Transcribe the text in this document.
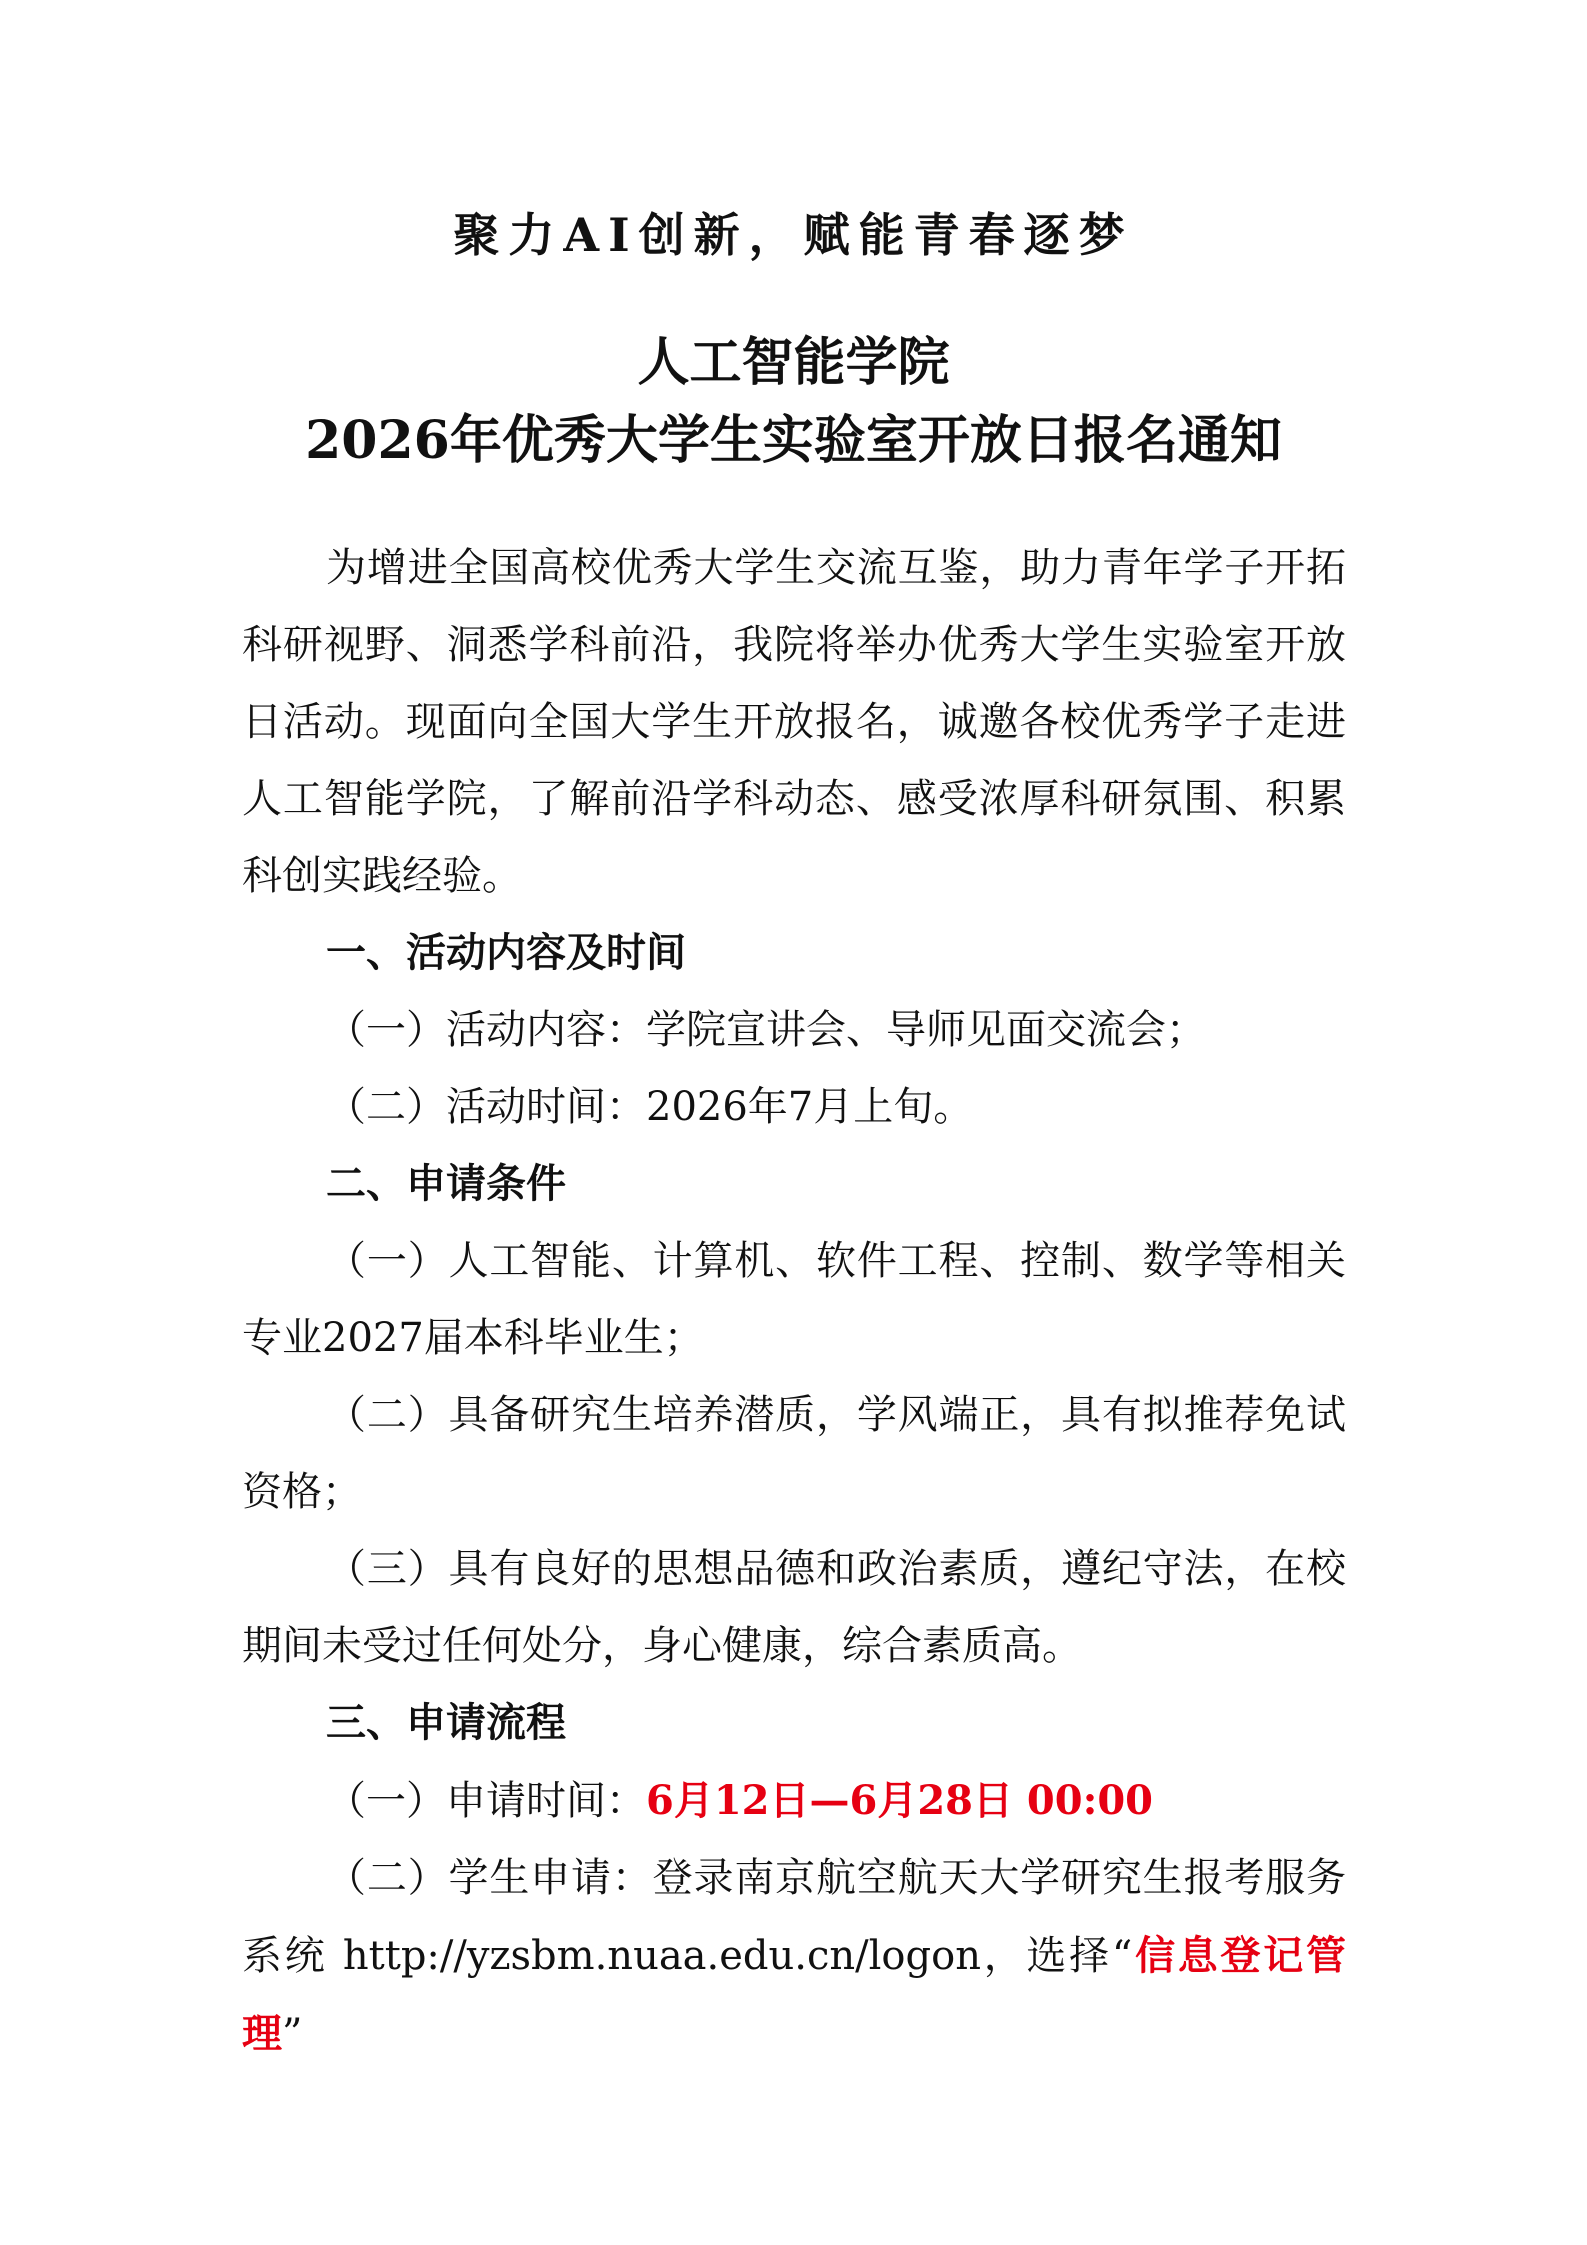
聚力AI创新，赋能青春逐梦
人工智能学院
2026年优秀大学生实验室开放日报名通知

为增进全国高校优秀大学生交流互鉴，助力青年学子开拓科研视野、洞悉学科前沿，我院将举办优秀大学生实验室开放日活动。现面向全国大学生开放报名，诚邀各校优秀学子走进人工智能学院，了解前沿学科动态、感受浓厚科研氛围、积累科创实践经验。

一、活动内容及时间

（一）活动内容：学院宣讲会、导师见面交流会；

（二）活动时间：2026年7月上旬。

二、申请条件

（一）人工智能、计算机、软件工程、控制、数学等相关专业2027届本科毕业生；

（二）具备研究生培养潜质，学风端正，具有拟推荐免试资格；

（三）具有良好的思想品德和政治素质，遵纪守法，在校期间未受过任何处分，身心健康，综合素质高。

三、申请流程

（一）申请时间：6月12日—6月28日 00:00

（二）学生申请：登录南京航空航天大学研究生报考服务系统 http://yzsbm.nuaa.edu.cn/logon，选择“信息登记管理”
